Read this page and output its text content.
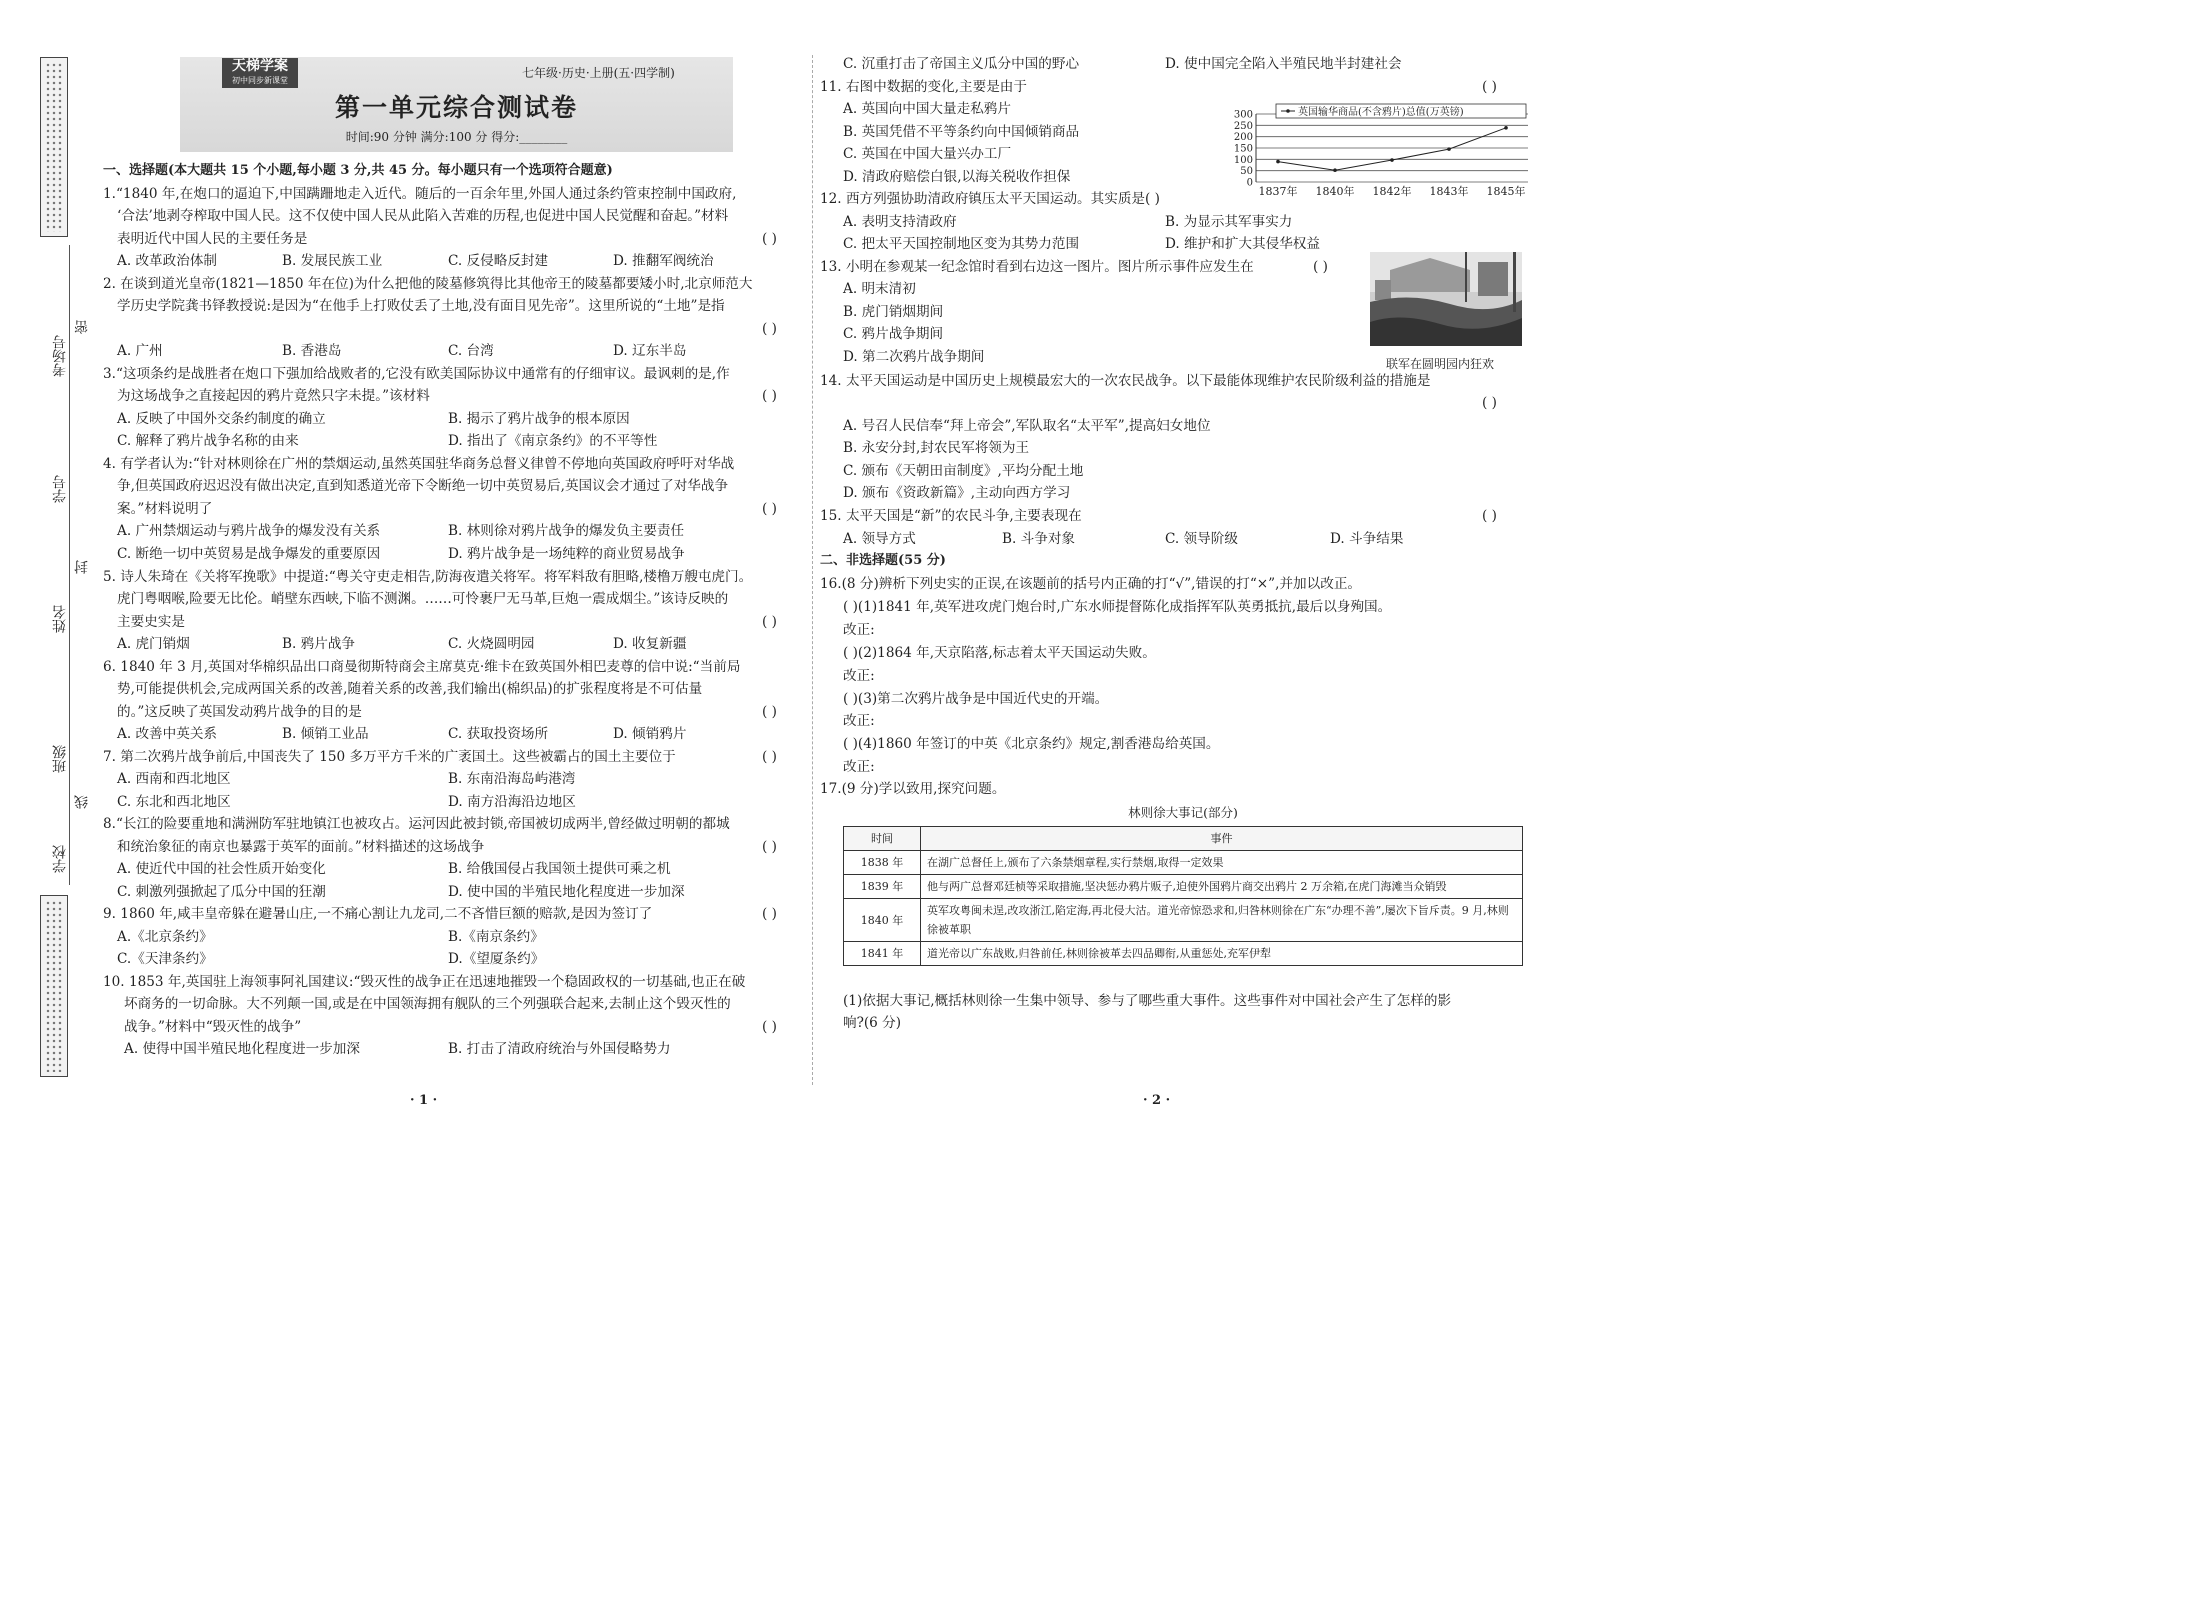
考场号
密
学号
封
姓名
班级
线
学校
天梯学案
初中同步新课堂
七年级·历史·上册(五·四学制)
第一单元综合测试卷
时间:90 分钟 满分:100 分 得分:________
一、选择题(本大题共 15 个小题,每小题 3 分,共 45 分。每小题只有一个选项符合题意)
1.“1840 年,在炮口的逼迫下,中国蹒跚地走入近代。随后的一百余年里,外国人通过条约管束控制中国政府,
‘合法’地剥夺榨取中国人民。这不仅使中国人民从此陷入苦难的历程,也促进中国人民觉醒和奋起。”材料
表明近代中国人民的主要任务是	( )
A. 改革政治体制	B. 发展民族工业	C. 反侵略反封建	D. 推翻军阀统治
2. 在谈到道光皇帝(1821—1850 年在位)为什么把他的陵墓修筑得比其他帝王的陵墓都要矮小时,北京师范大
学历史学院龚书铎教授说:是因为“在他手上打败仗丢了土地,没有面目见先帝”。这里所说的“土地”是指
( )
A. 广州	B. 香港岛	C. 台湾	D. 辽东半岛
3.“这项条约是战胜者在炮口下强加给战败者的,它没有欧美国际协议中通常有的仔细审议。最讽刺的是,作
为这场战争之直接起因的鸦片竟然只字未提。”该材料	( )
A. 反映了中国外交条约制度的确立	B. 揭示了鸦片战争的根本原因
C. 解释了鸦片战争名称的由来	D. 指出了《南京条约》的不平等性
4. 有学者认为:“针对林则徐在广州的禁烟运动,虽然英国驻华商务总督义律曾不停地向英国政府呼吁对华战
争,但英国政府迟迟没有做出决定,直到知悉道光帝下令断绝一切中英贸易后,英国议会才通过了对华战争
案。”材料说明了	( )
A. 广州禁烟运动与鸦片战争的爆发没有关系	B. 林则徐对鸦片战争的爆发负主要责任
C. 断绝一切中英贸易是战争爆发的重要原因	D. 鸦片战争是一场纯粹的商业贸易战争
5. 诗人朱琦在《关将军挽歌》中提道:“粤关守吏走相告,防海夜遣关将军。将军料敌有胆略,楼橹万艘屯虎门。
虎门粤咽喉,险要无比伦。峭壁东西峡,下临不测渊。……可怜裹尸无马革,巨炮一震成烟尘。”该诗反映的
主要史实是	( )
A. 虎门销烟	B. 鸦片战争	C. 火烧圆明园	D. 收复新疆
6. 1840 年 3 月,英国对华棉织品出口商曼彻斯特商会主席莫克·维卡在致英国外相巴麦尊的信中说:“当前局
势,可能提供机会,完成两国关系的改善,随着关系的改善,我们输出(棉织品)的扩张程度将是不可估量
的。”这反映了英国发动鸦片战争的目的是	( )
A. 改善中英关系	B. 倾销工业品	C. 获取投资场所	D. 倾销鸦片
7. 第二次鸦片战争前后,中国丧失了 150 多万平方千米的广袤国土。这些被霸占的国土主要位于	( )
A. 西南和西北地区	B. 东南沿海岛屿港湾
C. 东北和西北地区	D. 南方沿海沿边地区
8.“长江的险要重地和满洲防军驻地镇江也被攻占。运河因此被封锁,帝国被切成两半,曾经做过明朝的都城
和统治象征的南京也暴露于英军的面前。”材料描述的这场战争	( )
A. 使近代中国的社会性质开始变化	B. 给俄国侵占我国领土提供可乘之机
C. 刺激列强掀起了瓜分中国的狂潮	D. 使中国的半殖民地化程度进一步加深
9. 1860 年,咸丰皇帝躲在避暑山庄,一不痛心割让九龙司,二不吝惜巨额的赔款,是因为签订了	( )
A.《北京条约》	B.《南京条约》
C.《天津条约》	D.《望厦条约》
10. 1853 年,英国驻上海领事阿礼国建议:“毁灭性的战争正在迅速地摧毁一个稳固政权的一切基础,也正在破
坏商务的一切命脉。大不列颠一国,或是在中国领海拥有舰队的三个列强联合起来,去制止这个毁灭性的
战争。”材料中“毁灭性的战争”	( )
A. 使得中国半殖民地化程度进一步加深	B. 打击了清政府统治与外国侵略势力
· 1 ·
C. 沉重打击了帝国主义瓜分中国的野心	D. 使中国完全陷入半殖民地半封建社会
11. 右图中数据的变化,主要是由于	( )
A. 英国向中国大量走私鸦片
B. 英国凭借不平等条约向中国倾销商品
C. 英国在中国大量兴办工厂
D. 清政府赔偿白银,以海关税收作担保	0
50
100
150
200
250
300	英国输华商品(不含鸦片)总值(万英镑)
1837年 1840年 1842年 1843年 1845年
12. 西方列强协助清政府镇压太平天国运动。其实质是( )
A. 表明支持清政府	B. 为显示其军事实力
C. 把太平天国控制地区变为其势力范围	D. 维护和扩大其侵华权益
13. 小明在参观某一纪念馆时看到右边这一图片。图片所示事件应发生在	( )
A. 明末清初
B. 虎门销烟期间
C. 鸦片战争期间
D. 第二次鸦片战争期间	联军在圆明园内狂欢
14. 太平天国运动是中国历史上规模最宏大的一次农民战争。以下最能体现维护农民阶级利益的措施是
( )
A. 号召人民信奉“拜上帝会”,军队取名“太平军”,提高妇女地位
B. 永安分封,封农民军将领为王
C. 颁布《天朝田亩制度》,平均分配土地
D. 颁布《资政新篇》,主动向西方学习
15. 太平天国是“新”的农民斗争,主要表现在	( )
A. 领导方式	B. 斗争对象	C. 领导阶级	D. 斗争结果
二、非选择题(55 分)
16.(8 分)辨析下列史实的正误,在该题前的括号内正确的打“√”,错误的打“×”,并加以改正。
( )(1)1841 年,英军进攻虎门炮台时,广东水师提督陈化成指挥军队英勇抵抗,最后以身殉国。
改正:
( )(2)1864 年,天京陷落,标志着太平天国运动失败。
改正:
( )(3)第二次鸦片战争是中国近代史的开端。
改正:
( )(4)1860 年签订的中英《北京条约》规定,割香港岛给英国。
改正:
17.(9 分)学以致用,探究问题。
林则徐大事记(部分)
时间	事件
1838 年	在湖广总督任上,颁布了六条禁烟章程,实行禁烟,取得一定效果
1839 年	他与两广总督邓廷桢等采取措施,坚决惩办鸦片贩子,迫使外国鸦片商交出鸦片 2 万余箱,在虎门海滩当众销毁
1840 年	英军攻粤闽未逞,改攻浙江,陷定海,再北侵大沽。道光帝惊恐求和,归咎林则徐在广东“办理不善”,屡次下旨斥责。9 月,林则徐被革职
1841 年	道光帝以广东战败,归咎前任,林则徐被革去四品卿衔,从重惩处,充军伊犁
(1)依据大事记,概括林则徐一生集中领导、参与了哪些重大事件。这些事件对中国社会产生了怎样的影
响?(6 分)
· 2 ·
